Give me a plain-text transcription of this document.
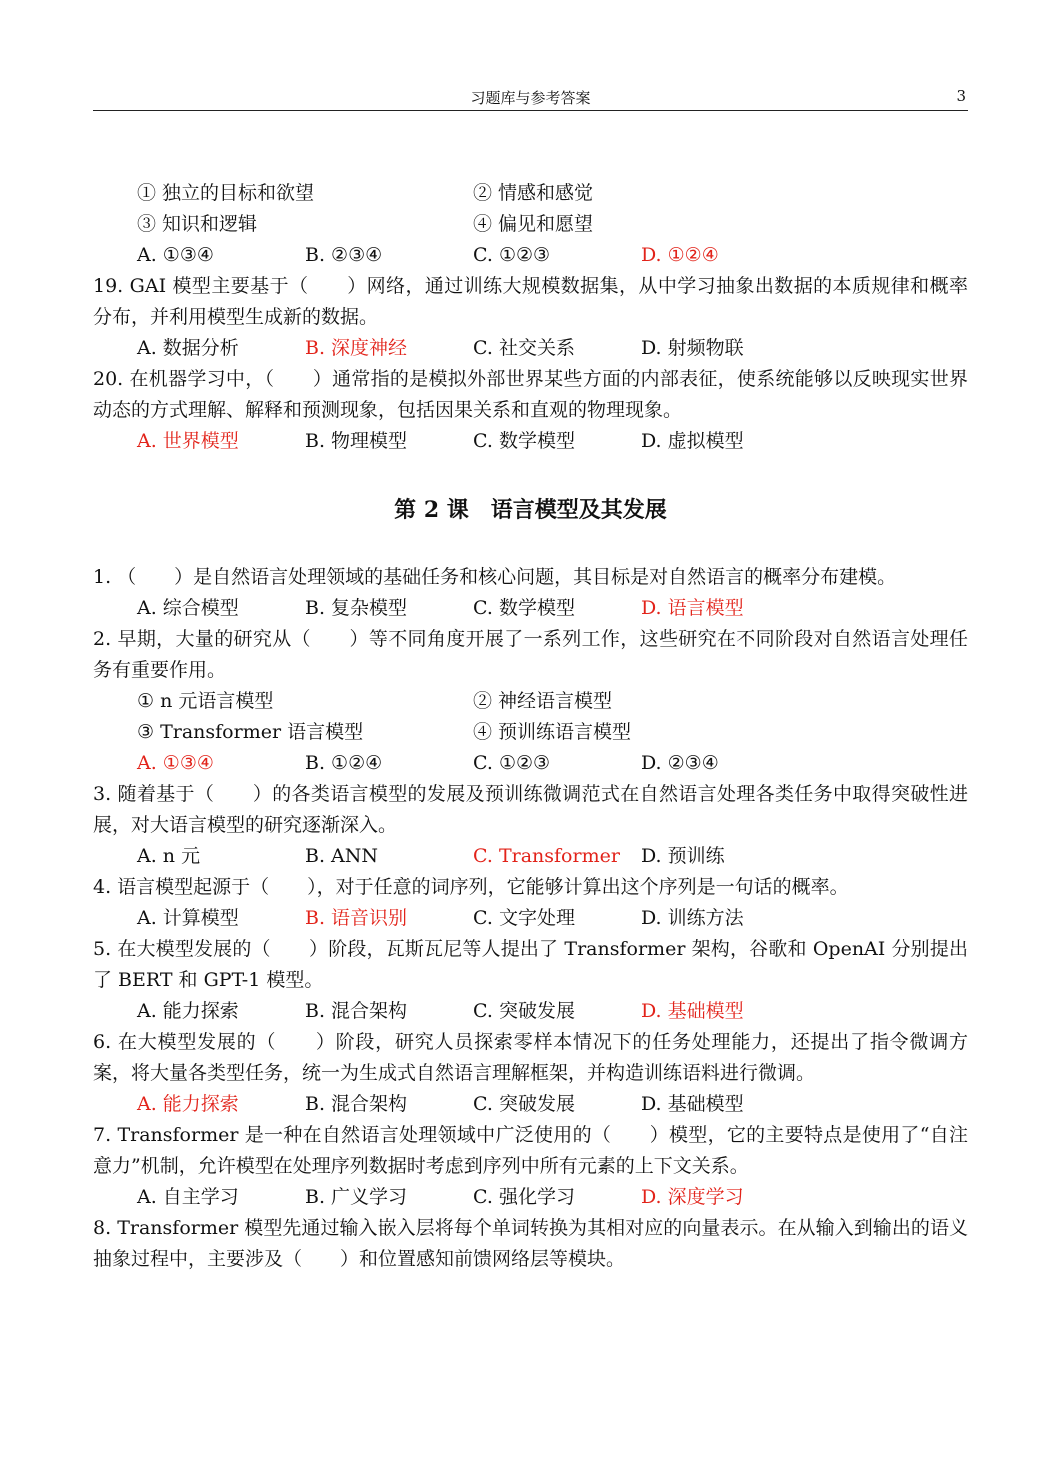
习题库与参考答案	3
① 独立的目标和欲望	② 情感和感觉
③ 知识和逻辑	④ 偏见和愿望
A. ①③④	B. ②③④	C. ①②③	D. ①②④
19. GAI 模型主要基于（　　）网络，通过训练大规模数据集，从中学习抽象出数据的本质规律和概率分布，并利用模型生成新的数据。
A. 数据分析	B. 深度神经	C. 社交关系	D. 射频物联
20. 在机器学习中，（　　）通常指的是模拟外部世界某些方面的内部表征，使系统能够以反映现实世界动态的方式理解、解释和预测现象，包括因果关系和直观的物理现象。
A. 世界模型	B. 物理模型	C. 数学模型	D. 虚拟模型
第 2 课　语言模型及其发展
1. （　　）是自然语言处理领域的基础任务和核心问题，其目标是对自然语言的概率分布建模。
A. 综合模型	B. 复杂模型	C. 数学模型	D. 语言模型
2. 早期，大量的研究从（　　）等不同角度开展了一系列工作，这些研究在不同阶段对自然语言处理任务有重要作用。
① n 元语言模型	② 神经语言模型
③ Transformer 语言模型	④ 预训练语言模型
A. ①③④	B. ①②④	C. ①②③	D. ②③④
3. 随着基于（　　）的各类语言模型的发展及预训练微调范式在自然语言处理各类任务中取得突破性进展，对大语言模型的研究逐渐深入。
A. n 元	B. ANN	C. Transformer	D. 预训练
4. 语言模型起源于（　　），对于任意的词序列，它能够计算出这个序列是一句话的概率。
A. 计算模型	B. 语音识别	C. 文字处理	D. 训练方法
5. 在大模型发展的（　　）阶段，瓦斯瓦尼等人提出了 Transformer 架构，谷歌和 OpenAI 分别提出了 BERT 和 GPT-1 模型。
A. 能力探索	B. 混合架构	C. 突破发展	D. 基础模型
6. 在大模型发展的（　　）阶段，研究人员探索零样本情况下的任务处理能力，还提出了指令微调方案，将大量各类型任务，统一为生成式自然语言理解框架，并构造训练语料进行微调。
A. 能力探索	B. 混合架构	C. 突破发展	D. 基础模型
7. Transformer 是一种在自然语言处理领域中广泛使用的（　　）模型，它的主要特点是使用了“自注意力”机制，允许模型在处理序列数据时考虑到序列中所有元素的上下文关系。
A. 自主学习	B. 广义学习	C. 强化学习	D. 深度学习
8. Transformer 模型先通过输入嵌入层将每个单词转换为其相对应的向量表示。在从输入到输出的语义抽象过程中，主要涉及（　　）和位置感知前馈网络层等模块。
